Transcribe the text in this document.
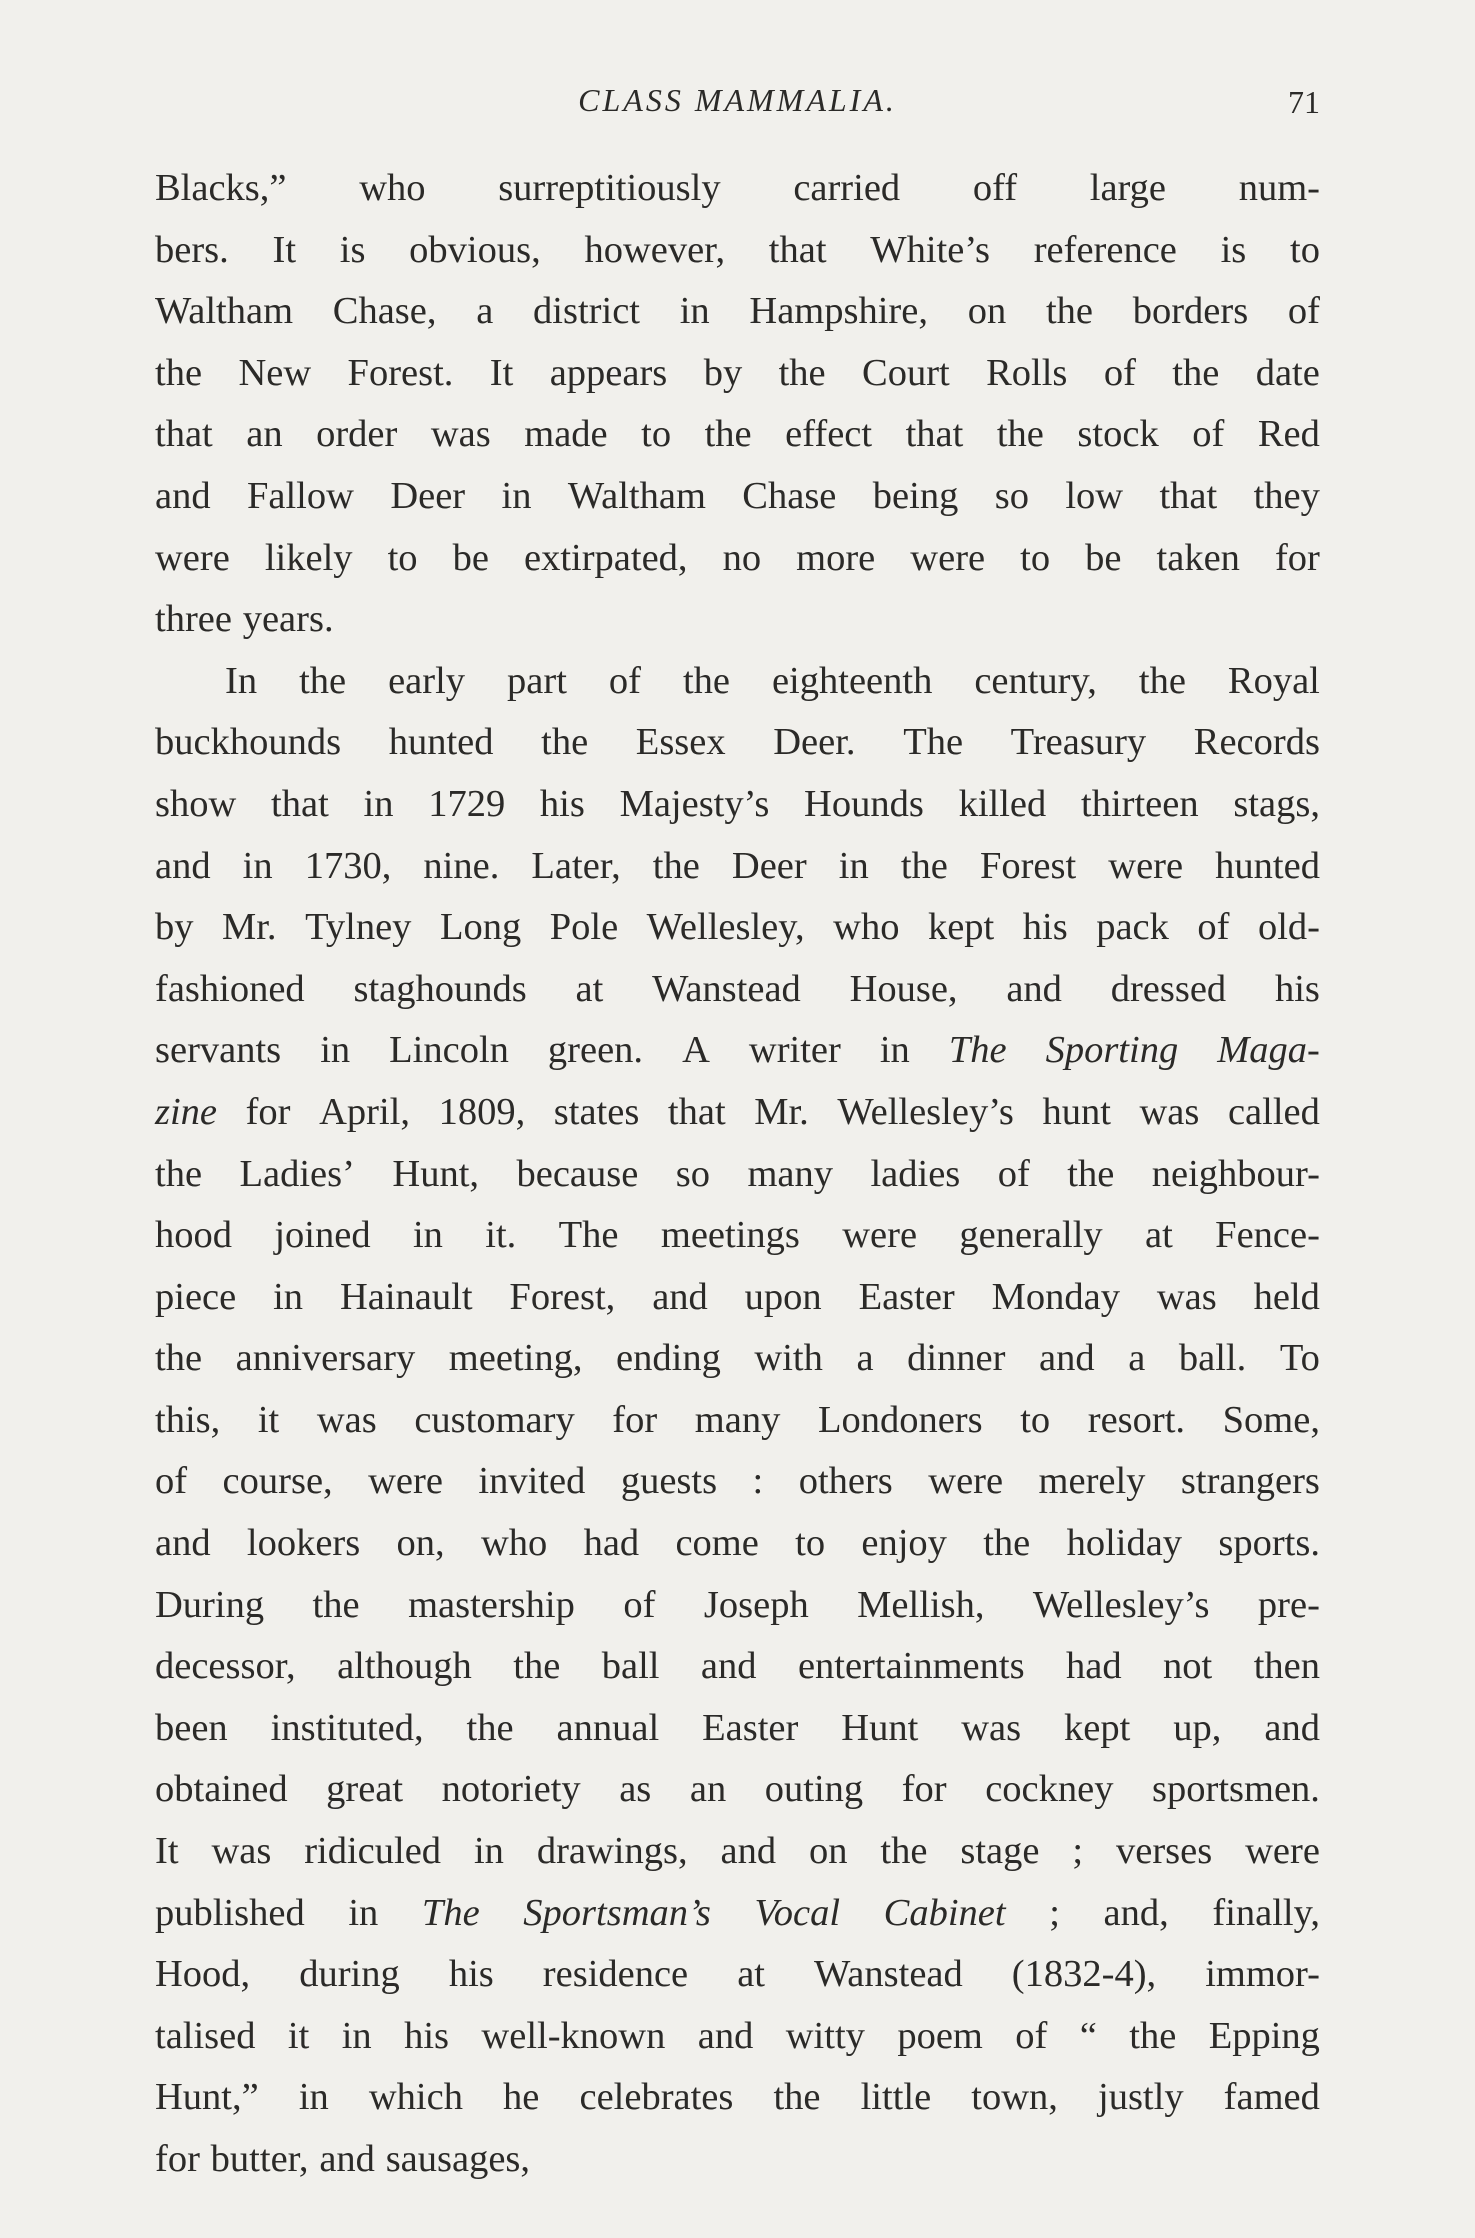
CLASS MAMMALIA.	71
Blacks,” who surreptitiously carried off large num-
bers. It is obvious, however, that White’s reference is to
Waltham Chase, a district in Hampshire, on the borders of
the New Forest. It appears by the Court Rolls of the date
that an order was made to the effect that the stock of Red
and Fallow Deer in Waltham Chase being so low that they
were likely to be extirpated, no more were to be taken for
three years.
In the early part of the eighteenth century, the Royal
buckhounds hunted the Essex Deer. The Treasury Records
show that in 1729 his Majesty’s Hounds killed thirteen stags,
and in 1730, nine. Later, the Deer in the Forest were hunted
by Mr. Tylney Long Pole Wellesley, who kept his pack of old-
fashioned staghounds at Wanstead House, and dressed his
servants in Lincoln green. A writer in The Sporting Maga-
zine for April, 1809, states that Mr. Wellesley’s hunt was called
the Ladies’ Hunt, because so many ladies of the neighbour-
hood joined in it. The meetings were generally at Fence-
piece in Hainault Forest, and upon Easter Monday was held
the anniversary meeting, ending with a dinner and a ball. To
this, it was customary for many Londoners to resort. Some,
of course, were invited guests : others were merely strangers
and lookers on, who had come to enjoy the holiday sports.
During the mastership of Joseph Mellish, Wellesley’s pre-
decessor, although the ball and entertainments had not then
been instituted, the annual Easter Hunt was kept up, and
obtained great notoriety as an outing for cockney sportsmen.
It was ridiculed in drawings, and on the stage ; verses were
published in The Sportsman’s Vocal Cabinet ; and, finally,
Hood, during his residence at Wanstead (1832-4), immor-
talised it in his well-known and witty poem of “ the Epping
Hunt,” in which he celebrates the little town, justly famed
for butter, and sausages,
